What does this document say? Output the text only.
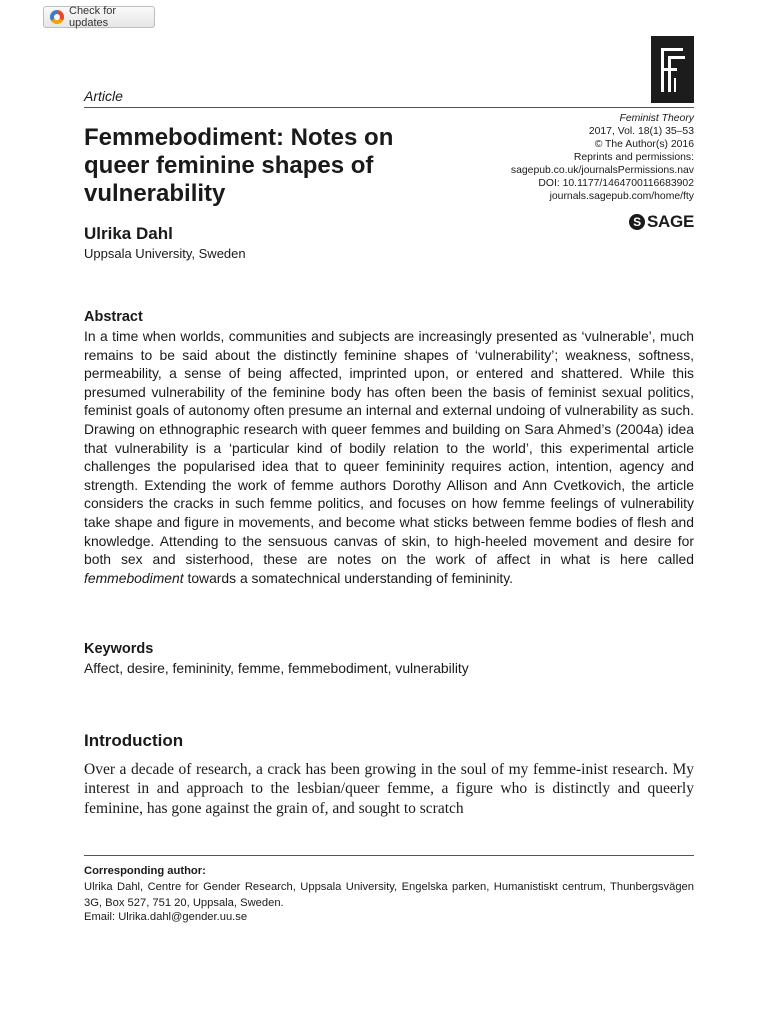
Check for updates
Article
Feminist Theory
2017, Vol. 18(1) 35–53
© The Author(s) 2016
Reprints and permissions:
sagepub.co.uk/journalsPermissions.nav
DOI: 10.1177/1464700116683902
journals.sagepub.com/home/fty
S SAGE
Femmebodiment: Notes on queer feminine shapes of vulnerability
Ulrika Dahl
Uppsala University, Sweden
Abstract

In a time when worlds, communities and subjects are increasingly presented as ‘vulnerable’, much remains to be said about the distinctly feminine shapes of ‘vulnerability’; weakness, softness, permeability, a sense of being affected, imprinted upon, or entered and shattered. While this presumed vulnerability of the feminine body has often been the basis of feminist sexual politics, feminist goals of autonomy often presume an internal and external undoing of vulnerability as such. Drawing on ethnographic research with queer femmes and building on Sara Ahmed’s (2004a) idea that vulnerability is a ‘particular kind of bodily relation to the world’, this experimental article challenges the popularised idea that to queer femininity requires action, intention, agency and strength. Extending the work of femme authors Dorothy Allison and Ann Cvetkovich, the article considers the cracks in such femme politics, and focuses on how femme feelings of vulnerability take shape and figure in movements, and become what sticks between femme bodies of flesh and knowledge. Attending to the sensuous canvas of skin, to high-heeled movement and desire for both sex and sisterhood, these are notes on the work of affect in what is here called femmebodiment towards a somatechnical understanding of femininity.

Keywords

Affect, desire, femininity, femme, femmebodiment, vulnerability

Introduction

Over a decade of research, a crack has been growing in the soul of my femme-inist research. My interest in and approach to the lesbian/queer femme, a figure who is distinctly and queerly feminine, has gone against the grain of, and sought to scratch

Corresponding author:

Ulrika Dahl, Centre for Gender Research, Uppsala University, Engelska parken, Humanistiskt centrum, Thunbergsvägen 3G, Box 527, 751 20, Uppsala, Sweden.

Email: Ulrika.dahl@gender.uu.se
